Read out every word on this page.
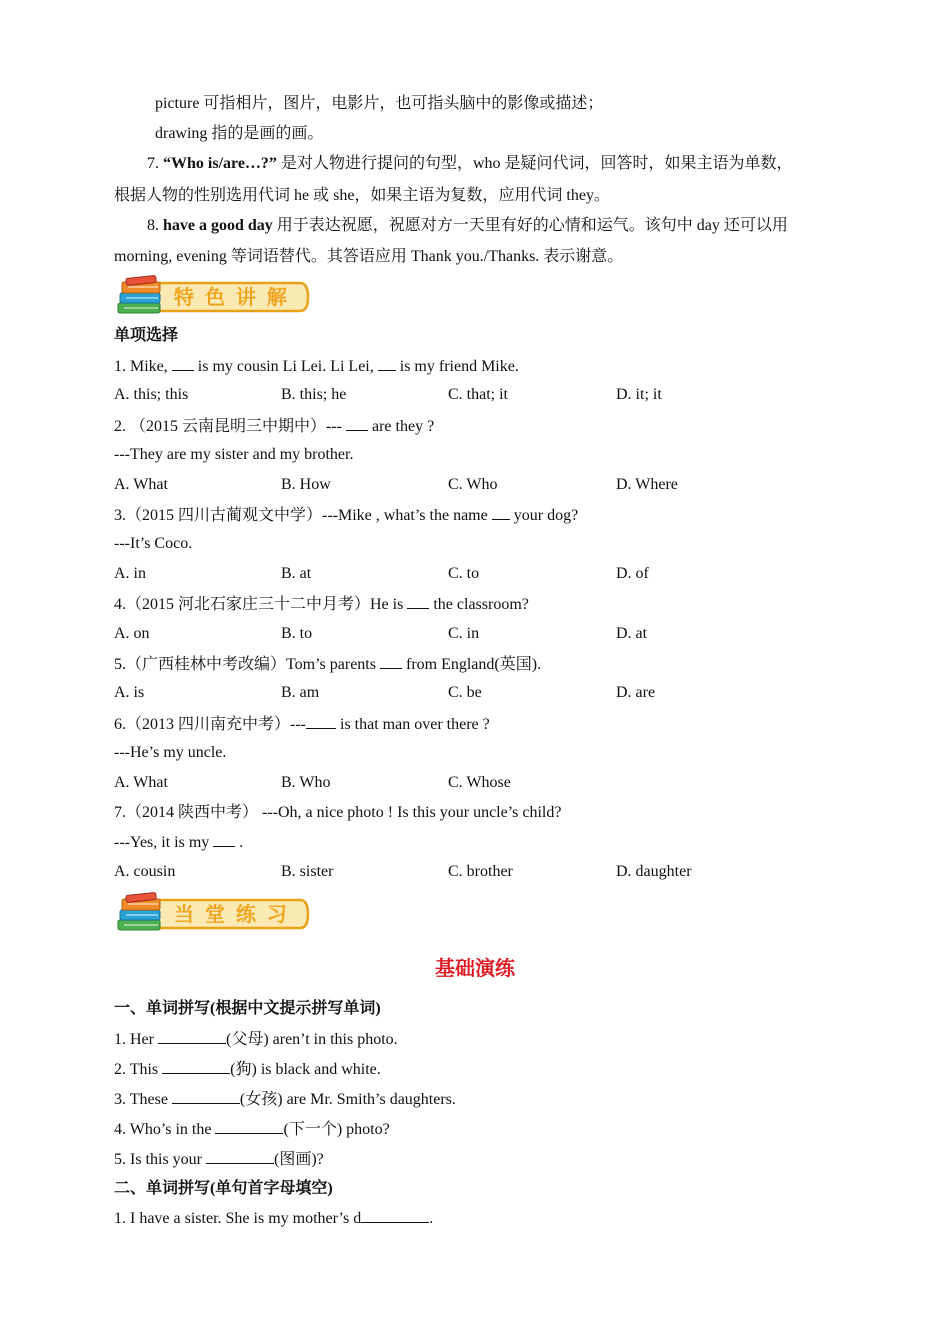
picture 可指相片，图片，电影片，也可指头脑中的影像或描述；
drawing 指的是画的画。
7. “Who is/are…?” 是对人物进行提问的句型，who 是疑问代词，回答时，如果主语为单数，
根据人物的性别选用代词 he 或 she，如果主语为复数，应用代词 they。
8. have a good day 用于表达祝愿，祝愿对方一天里有好的心情和运气。该句中 day 还可以用
morning, evening 等词语替代。其答语应用 Thank you./Thanks. 表示谢意。
特 色 讲 解
单项选择
1. Mike,  is my cousin Li Lei. Li Lei,  is my friend Mike.
A. this; this	B. this; he	C. that; it	D. it; it
2. （2015 云南昆明三中期中）---  are they ?
---They are my sister and my brother.
A. What	B. How	C. Who	D. Where
3.（2015 四川古蔺观文中学）---Mike , what’s the name  your dog?
---It’s Coco.
A. in	B. at	C. to	D. of
4.（2015 河北石家庄三十二中月考）He is  the classroom?
A. on	B. to	C. in	D. at
5.（广西桂林中考改编）Tom’s parents  from England(英国).
A. is	B. am	C. be	D. are
6.（2013 四川南充中考）--- is that man over there ?
---He’s my uncle.
A. What	B. Who	C. Whose
7.（2014 陕西中考） ---Oh, a nice photo ! Is this your uncle’s child?
---Yes, it is my  .
A. cousin	B. sister	C. brother	D. daughter
当 堂 练 习
基础演练
一、单词拼写(根据中文提示拼写单词)
1. Her	(父母) aren’t in this photo.
2. This	(狗) is black and white.
3. These	(女孩) are Mr. Smith’s daughters.
4. Who’s in the	(下一个) photo?
5. Is this your	(图画)?
二、单词拼写(单句首字母填空)
1. I have a sister. She is my mother’s d	.
